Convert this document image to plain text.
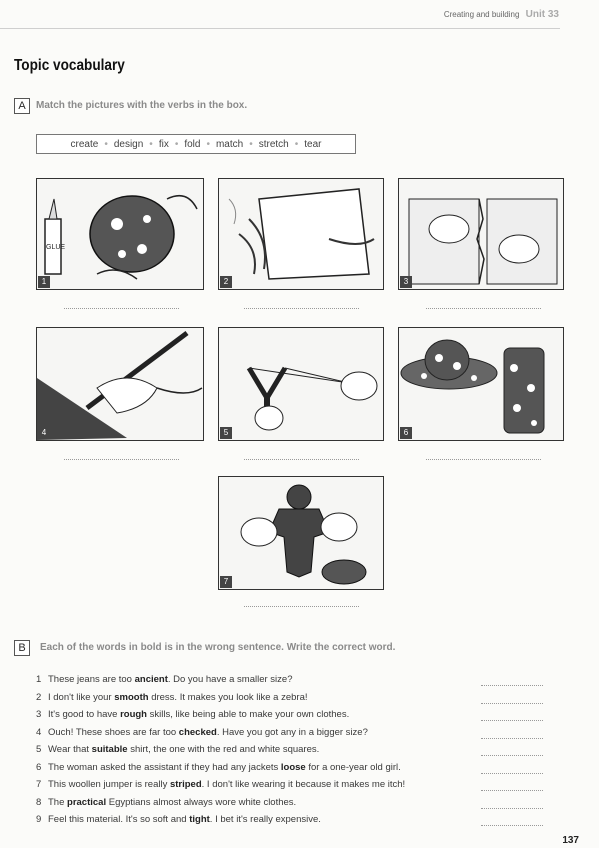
Creating and building Unit 33
Topic vocabulary
A	Match the pictures with the verbs in the box.
create • design • fix • fold • match • stretch • tear
GLUE
1	2	3
4	5	6
7
B	Each of the words in bold is in the wrong sentence. Write the correct word.
1 These jeans are too ancient. Do you have a smaller size?
2 I don't like your smooth dress. It makes you look like a zebra!
3 It's good to have rough skills, like being able to make your own clothes.
4 Ouch! These shoes are far too checked. Have you got any in a bigger size?
5 Wear that suitable shirt, the one with the red and white squares.
6 The woman asked the assistant if they had any jackets loose for a one-year old girl.
7 This woollen jumper is really striped. I don't like wearing it because it makes me itch!
8 The practical Egyptians almost always wore white clothes.
9 Feel this material. It's so soft and tight. I bet it's really expensive.
137
